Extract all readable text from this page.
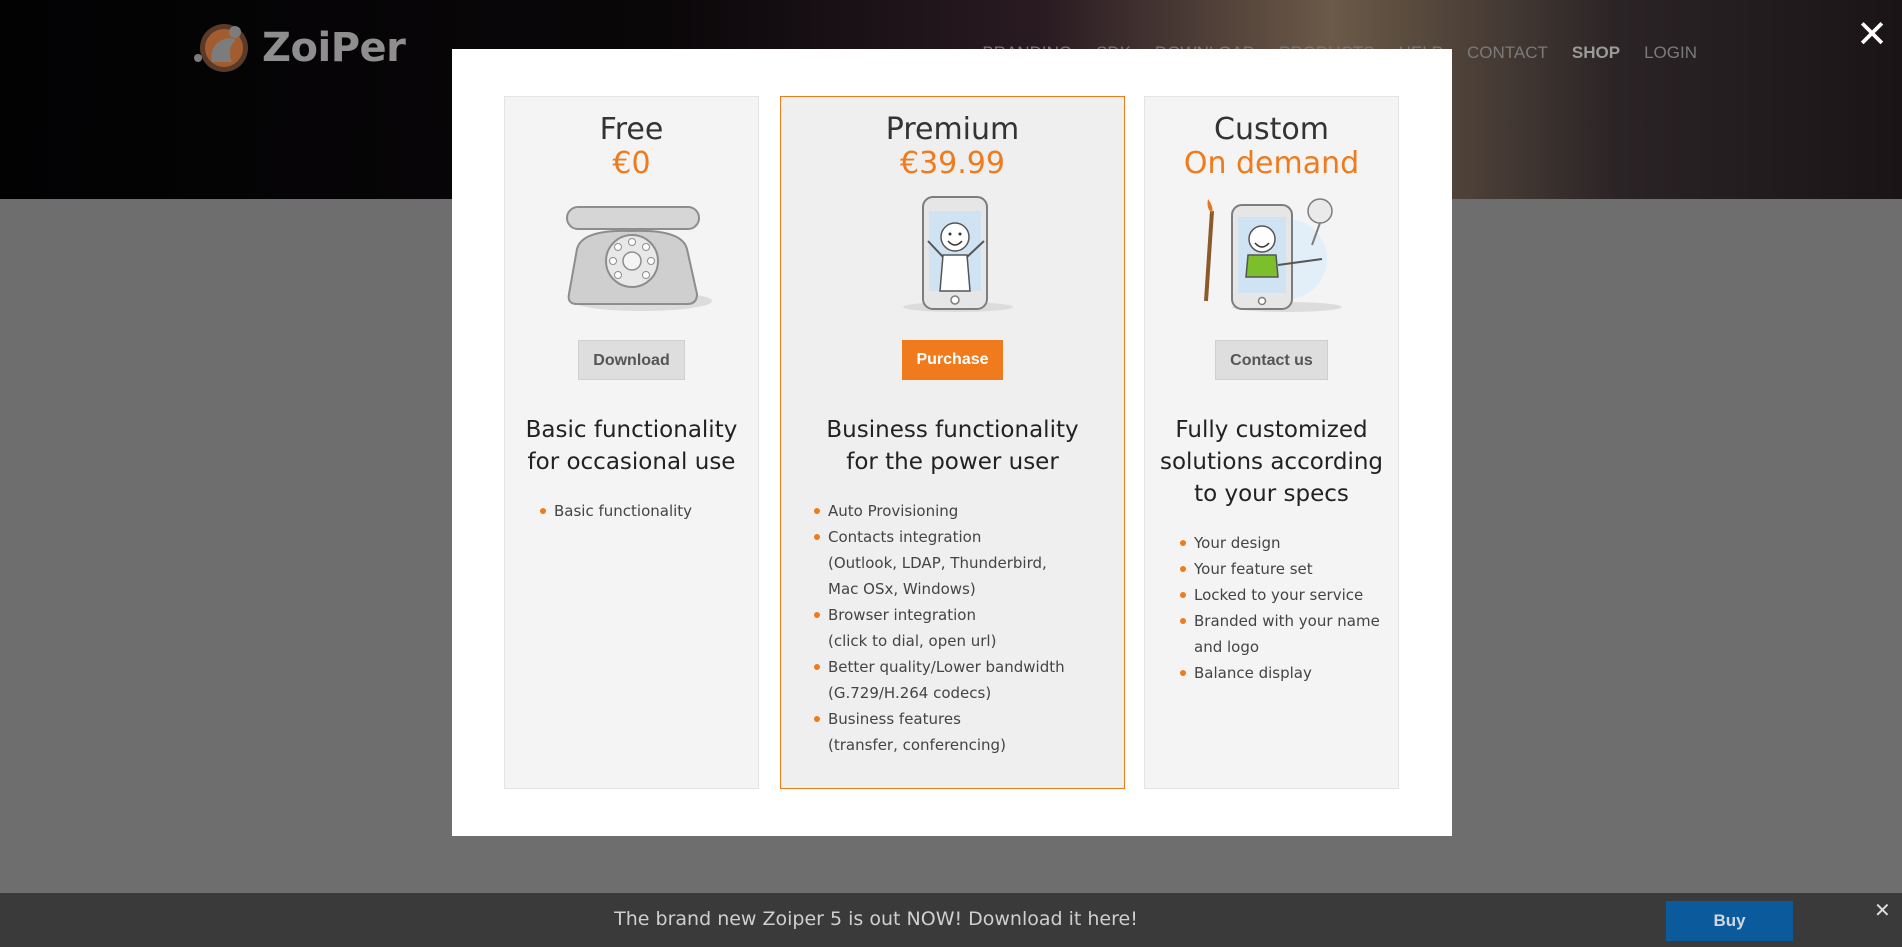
ZoiPer	CONTACT SHOP LOGIN	✕
Free
€0
Download
Basic functionality
for occasional use
Basic functionality
Premium
€39.99
Purchase
Business functionality
for the power user
Auto Provisioning
Contacts integration
(Outlook, LDAP, Thunderbird,
Mac OSx, Windows)
Browser integration
(click to dial, open url)
Better quality/Lower bandwidth
(G.729/H.264 codecs)
Business features
(transfer, conferencing)
Custom
On demand
Contact us
Fully customized
solutions according
to your specs
Your design
Your feature set
Locked to your service
Branded with your name
and logo
Balance display
The brand new Zoiper 5 is out NOW! Download it here!	Buy	✕
